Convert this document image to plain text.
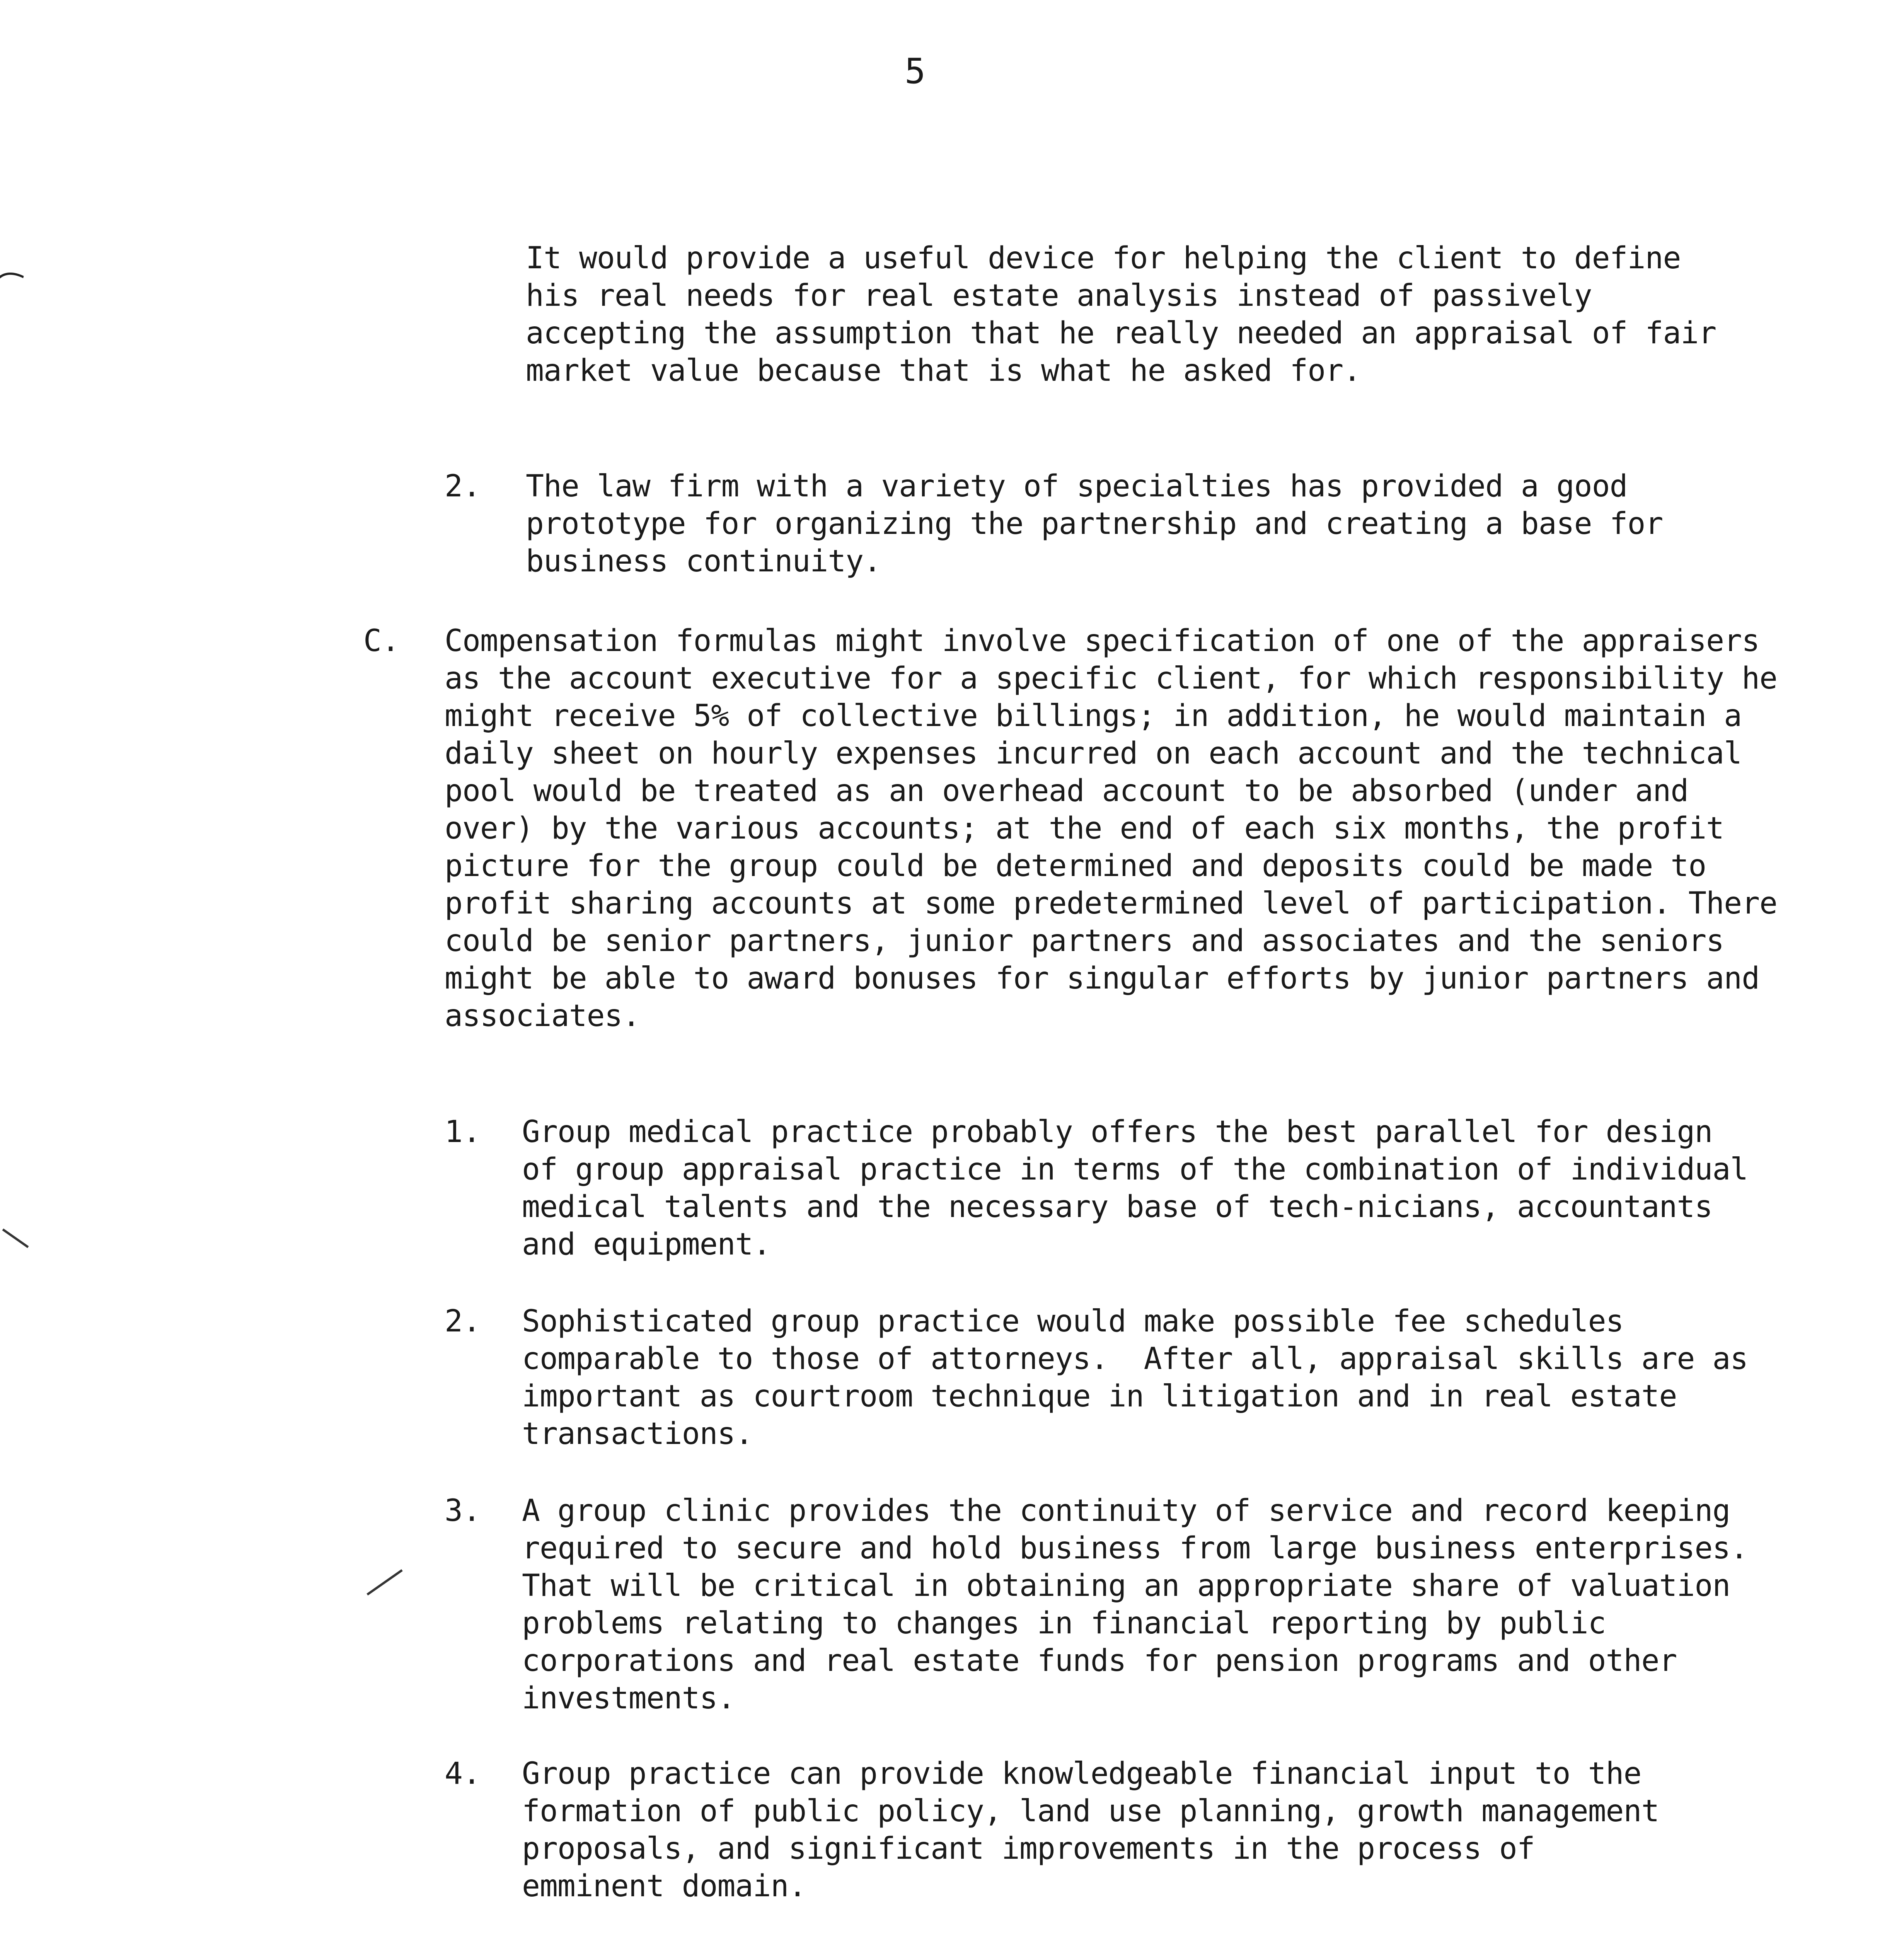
5
It would provide a useful device for helping the client to define his real needs for real estate analysis instead of passively accepting the assumption that he really needed an appraisal of fair market value because that is what he asked for.
2. The law firm with a variety of specialties has provided a good prototype for organizing the partnership and creating a base for business continuity.
C. Compensation formulas might involve specification of one of the appraisers as the account executive for a specific client, for which responsibility he might receive 5% of collective billings; in addition, he would maintain a daily sheet on hourly expenses incurred on each account and the technical pool would be treated as an overhead account to be absorbed (under and over) by the various accounts; at the end of each six months, the profit picture for the group could be determined and deposits could be made to profit sharing accounts at some predetermined level of participation. There could be senior partners, junior partners and associates and the seniors might be able to award bonuses for singular efforts by junior partners and associates.
1. Group medical practice probably offers the best parallel for design of group appraisal practice in terms of the combination of individual medical talents and the necessary base of tech-nicians, accountants and equipment.
2. Sophisticated group practice would make possible fee schedules comparable to those of attorneys.  After all, appraisal skills are as important as courtroom technique in litigation and in real estate transactions.
3. A group clinic provides the continuity of service and record keeping required to secure and hold business from large business enterprises.  That will be critical in obtaining an appropriate share of valuation problems relating to changes in financial reporting by public corporations and real estate funds for pension programs and other investments.
4. Group practice can provide knowledgeable financial input to the formation of public policy, land use planning, growth management proposals, and significant improvements in the process of emminent domain.
